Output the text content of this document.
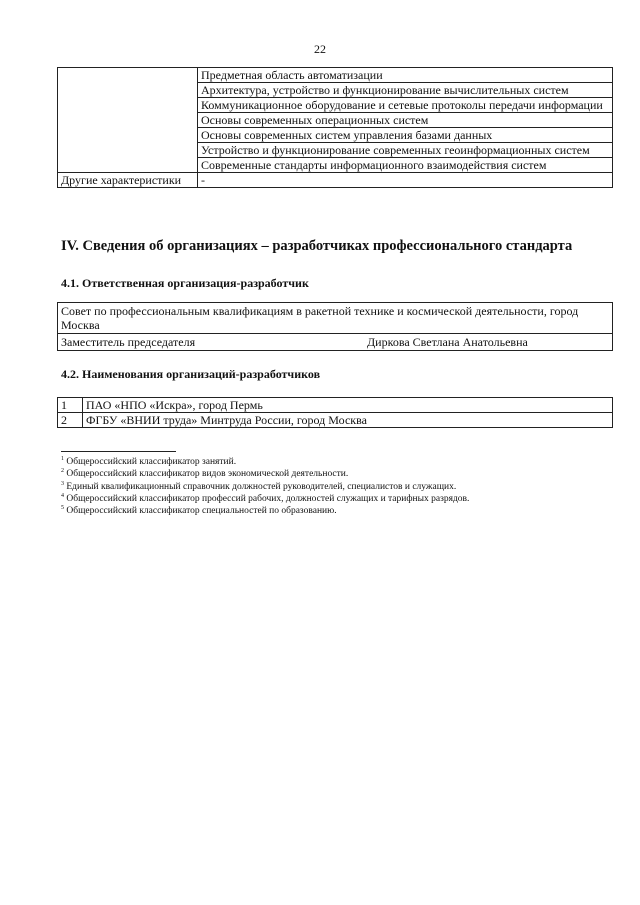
22
	Предметная область автоматизации
	Архитектура, устройство и функционирование вычислительных систем
	Коммуникационное оборудование и сетевые протоколы передачи информации
	Основы современных операционных систем
	Основы современных систем управления базами данных
	Устройство и функционирование современных геоинформационных систем
	Современные стандарты информационного взаимодействия систем
Другие характеристики	-
IV. Сведения об организациях – разработчиках профессионального стандарта
4.1. Ответственная организация-разработчик
Совет по профессиональным квалификациям в ракетной технике и космической деятельности, город Москва
Заместитель председателя	Диркова Светлана Анатольевна
4.2. Наименования организаций-разработчиков
1	ПАО «НПО «Искра», город Пермь
2	ФГБУ «ВНИИ труда» Минтруда России, город Москва
$^1$ Общероссийский классификатор занятий.
$^2$ Общероссийский классификатор видов экономической деятельности.
$^3$ Единый квалификационный справочник должностей руководителей, специалистов и служащих.
$^4$ Общероссийский классификатор профессий рабочих, должностей служащих и тарифных разрядов.
$^5$ Общероссийский классификатор специальностей по образованию.
